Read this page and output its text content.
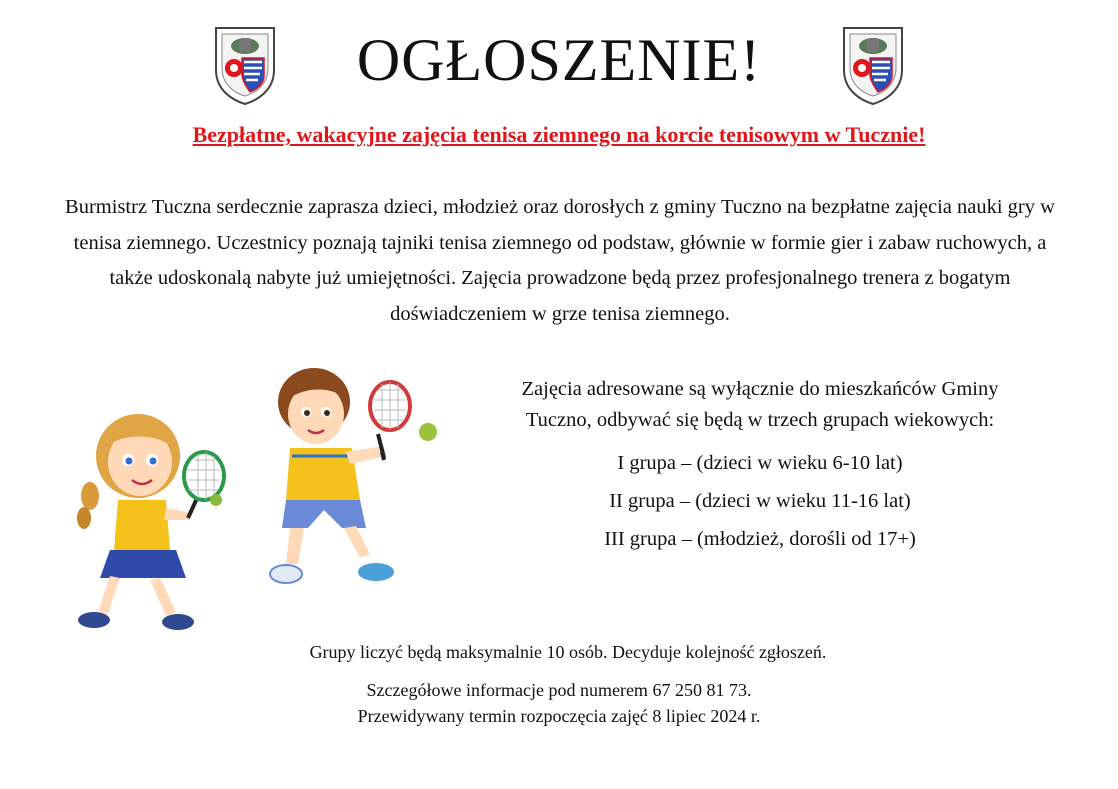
OGŁOSZENIE!
Bezpłatne, wakacyjne zajęcia tenisa ziemnego na korcie tenisowym w Tucznie!
Burmistrz Tuczna serdecznie zaprasza dzieci, młodzież oraz dorosłych z gminy Tuczno na bezpłatne zajęcia nauki gry w tenisa ziemnego. Uczestnicy poznają tajniki tenisa ziemnego od podstaw, głównie w formie gier i zabaw ruchowych, a także udoskonalą nabyte już umiejętności. Zajęcia prowadzone będą przez profesjonalnego trenera z bogatym doświadczeniem w grze tenisa ziemnego.
Zajęcia adresowane są wyłącznie do mieszkańców Gminy Tuczno, odbywać się będą w trzech grupach wiekowych:
I grupa – (dzieci w wieku 6-10 lat)
II grupa – (dzieci w wieku 11-16 lat)
III grupa – (młodzież, dorośli od 17+)
Grupy liczyć będą maksymalnie 10 osób. Decyduje kolejność zgłoszeń.
Szczegółowe informacje pod numerem 67 250 81 73.
Przewidywany termin rozpoczęcia zajęć 8 lipiec 2024 r.
